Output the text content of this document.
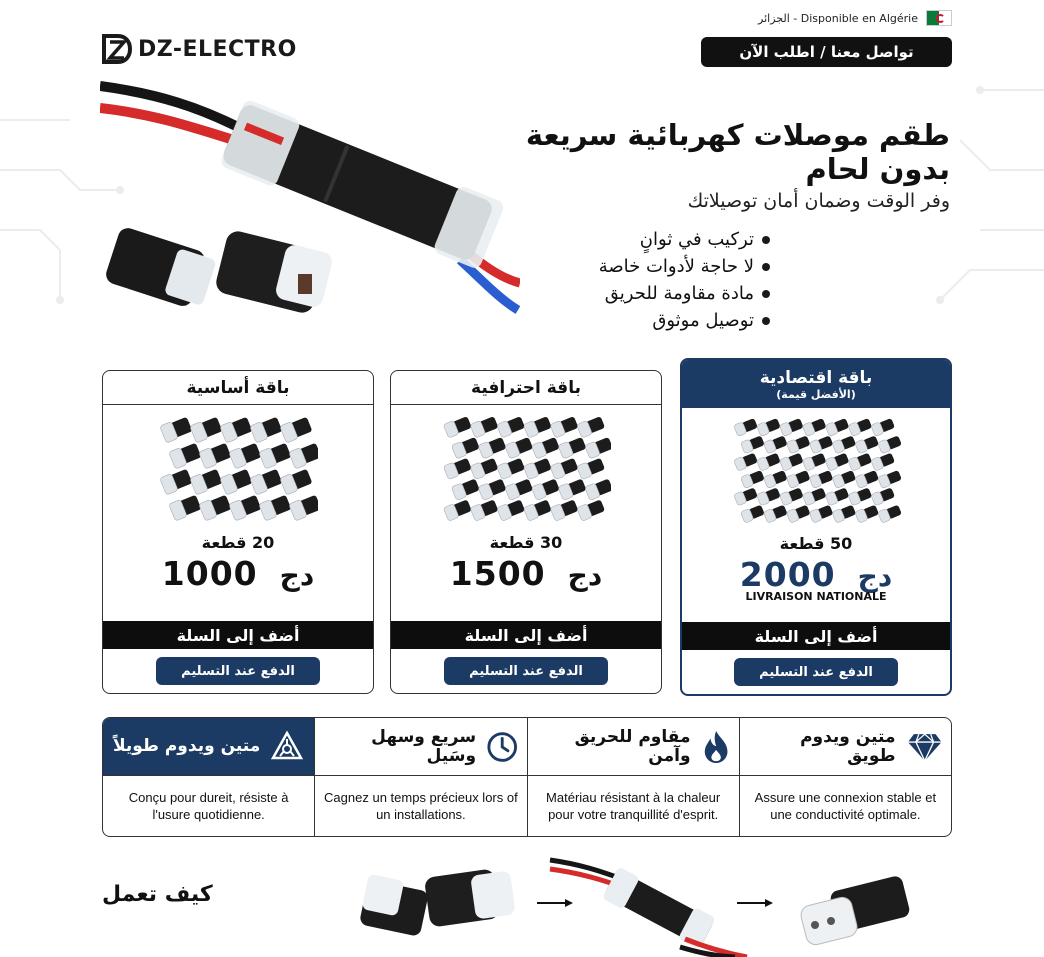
الجزائر - Disponible en Algérie
DZ-ELECTRO	تواصل معنا / اطلب الآن
طقم موصلات كهربائية سريعة
بدون لحام
وفر الوقت وضمان أمان توصيلاتك
تركيب في ثوانٍ
لا حاجة لأدوات خاصة
مادة مقاومة للحريق
توصيل موثوق
باقة أساسية
20 قطعة
1000 دج
أضف إلى السلة
الدفع عند التسليم
باقة احترافية
30 قطعة
1500 دج
أضف إلى السلة
الدفع عند التسليم
باقة اقتصادية
(الأفضل قيمة)
50 قطعة
2000 دج
LIVRAISON NATIONALE
أضف إلى السلة
الدفع عند التسليم
متين ويدوم طويلاً
Conçu pour dureit, résiste à l'usure quotidienne.
سريع وسهل وسَيل
Cagnez un temps précieux lors of un installations.
مقاوم للحريق وآمن
Matériau résistant à la chaleur pour votre tranquillité d'esprit.
متين ويدوم طويق
Assure une connexion stable et une conductivité optimale.
كيف تعمل
